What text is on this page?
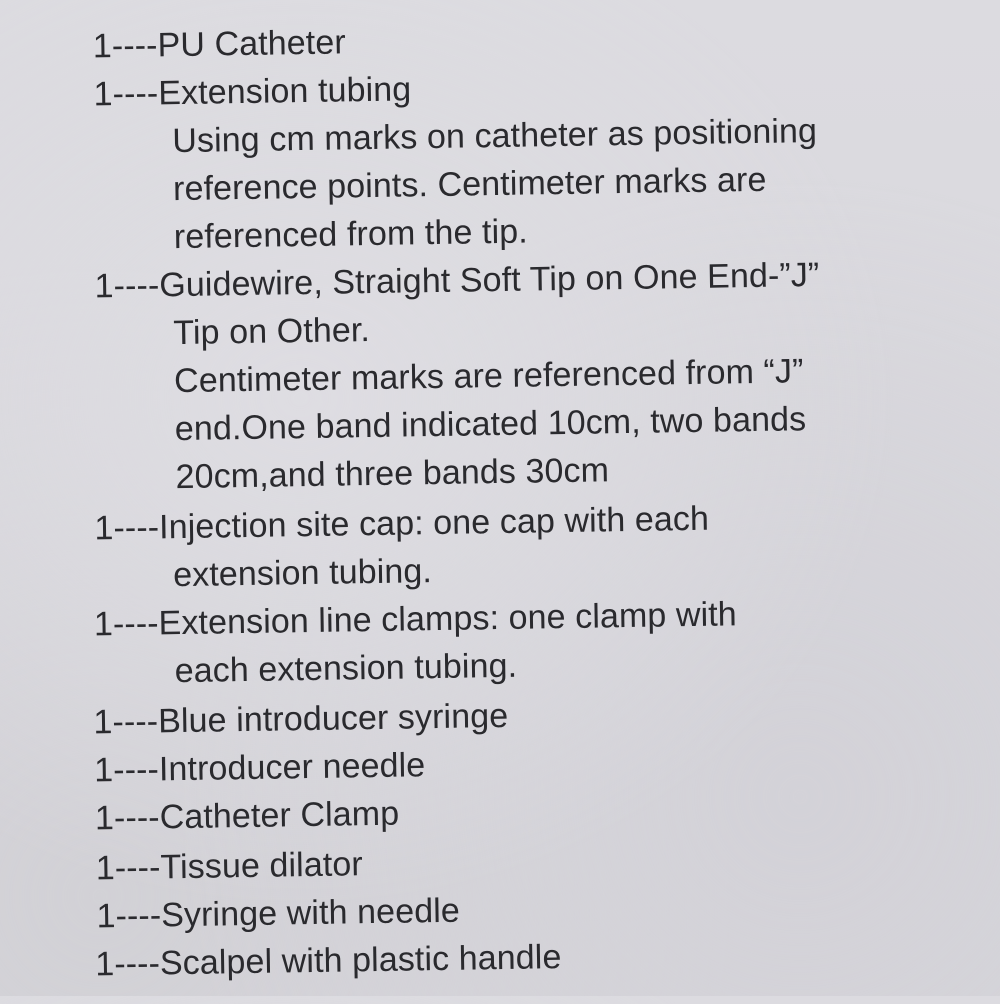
1----PU Catheter
1----Extension tubing
Using cm marks on catheter as positioning
reference points. Centimeter marks are
referenced from the tip.
1----Guidewire, Straight Soft Tip on One End-”J”
Tip on Other.
Centimeter marks are referenced from “J”
end.One band indicated 10cm, two bands
20cm,and three bands 30cm
1----Injection site cap: one cap with each
extension tubing.
1----Extension line clamps: one clamp with
each extension tubing.
1----Blue introducer syringe
1----Introducer needle
1----Catheter Clamp
1----Tissue dilator
1----Syringe with needle
1----Scalpel with plastic handle
